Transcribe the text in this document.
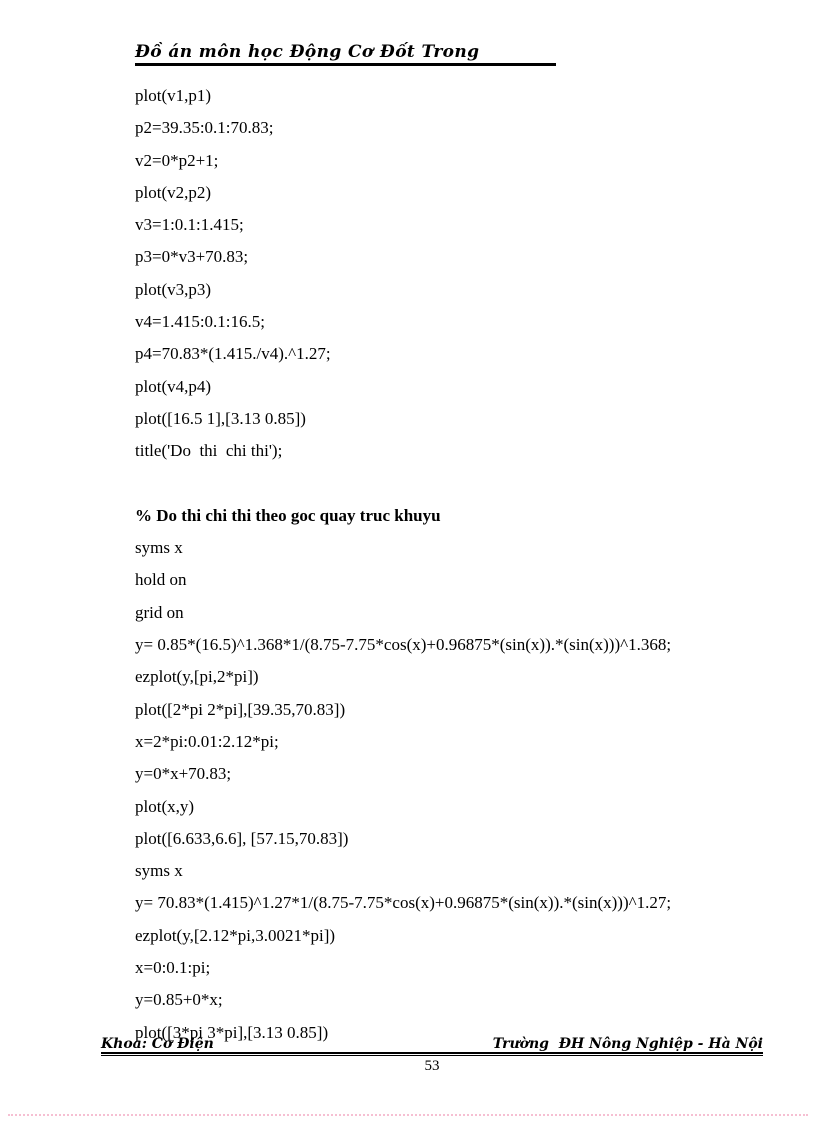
Đồ án môn học Động Cơ Đốt Trong
plot(v1,p1)
p2=39.35:0.1:70.83;
v2=0*p2+1;
plot(v2,p2)
v3=1:0.1:1.415;
p3=0*v3+70.83;
plot(v3,p3)
v4=1.415:0.1:16.5;
p4=70.83*(1.415./v4).^1.27;
plot(v4,p4)
plot([16.5 1],[3.13 0.85])
title('Do  thi  chi thi');
% Do thi chi thi theo goc quay truc khuyu
syms x
hold on
grid on
y= 0.85*(16.5)^1.368*1/(8.75-7.75*cos(x)+0.96875*(sin(x)).*(sin(x)))^1.368;
ezplot(y,[pi,2*pi])
plot([2*pi 2*pi],[39.35,70.83])
x=2*pi:0.01:2.12*pi;
y=0*x+70.83;
plot(x,y)
plot([6.633,6.6], [57.15,70.83])
syms x
y= 70.83*(1.415)^1.27*1/(8.75-7.75*cos(x)+0.96875*(sin(x)).*(sin(x)))^1.27;
ezplot(y,[2.12*pi,3.0021*pi])
x=0:0.1:pi;
y=0.85+0*x;
plot([3*pi 3*pi],[3.13 0.85])
Khoa: Cơ Điện	Trường  ĐH Nông Nghiệp - Hà Nội
53
